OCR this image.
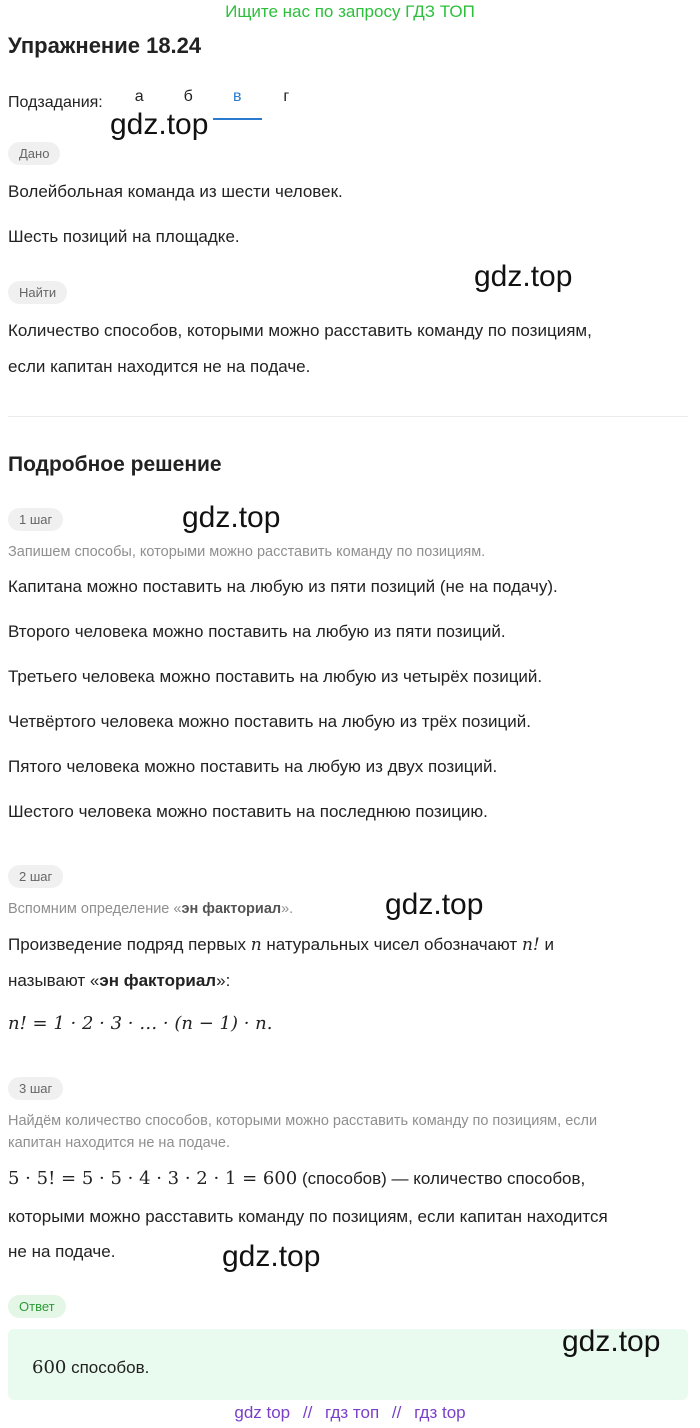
Ищите нас по запросу ГДЗ ТОП
Упражнение 18.24
Подзадания:	а	б	в	г
Дано
Волейбольная команда из шести человек.
Шесть позиций на площадке.
Найти
Количество способов, которыми можно расставить команду по позициям,
если капитан находится не на подаче.
Подробное решение
1 шаг
Запишем способы, которыми можно расставить команду по позициям.
Капитана можно поставить на любую из пяти позиций (не на подачу).
Второго человека можно поставить на любую из пяти позиций.
Третьего человека можно поставить на любую из четырёх позиций.
Четвёртого человека можно поставить на любую из трёх позиций.
Пятого человека можно поставить на любую из двух позиций.
Шестого человека можно поставить на последнюю позицию.
2 шаг
Вспомним определение «эн факториал».
Произведение подряд первых n натуральных чисел обозначают n! и
называют «эн факториал»:
n! = 1 · 2 · 3 · … · (n − 1) · n.
3 шаг
Найдём количество способов, которыми можно расставить команду по позициям, если
капитан находится не на подаче.
5 · 5! = 5 · 5 · 4 · 3 · 2 · 1 = 600 (способов) — количество способов,
которыми можно расставить команду по позициям, если капитан находится
не на подаче.
Ответ
600 способов.
gdz.top
gdz.top
gdz.top
gdz.top
gdz.top
gdz.top
gdz top // гдз топ // гдз top
